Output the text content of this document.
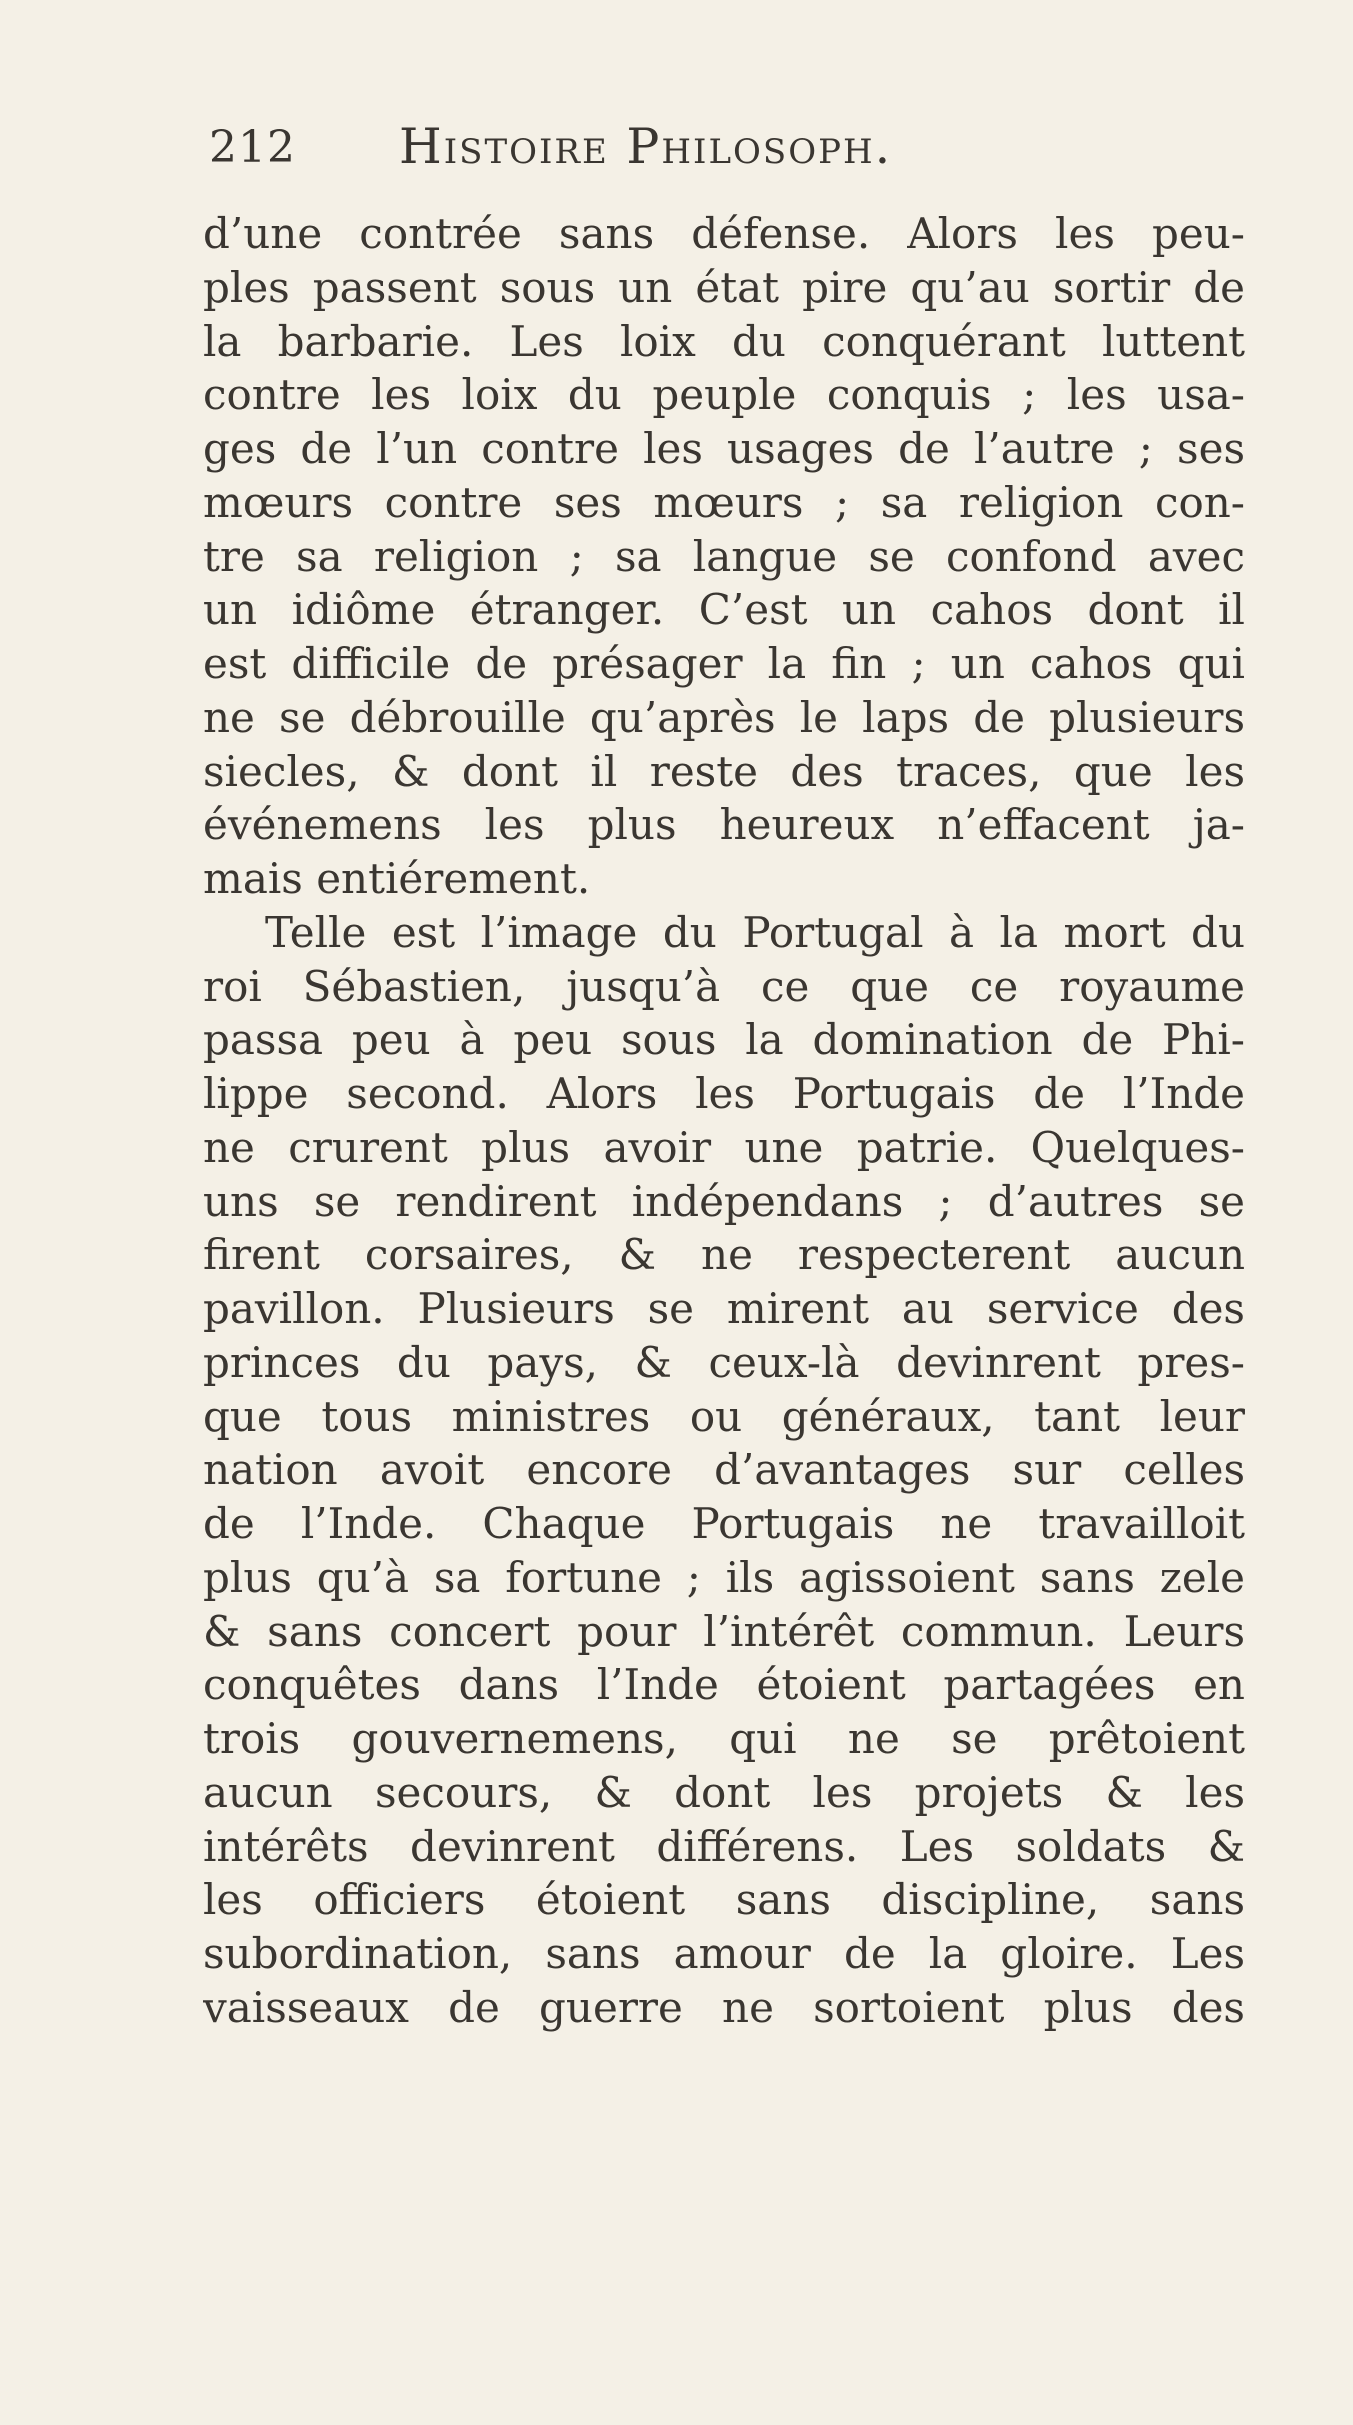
212 Histoire Philosoph.
d’une contrée sans défense. Alors les peu-
ples passent sous un état pire qu’au sortir de
la barbarie. Les loix du conquérant luttent
contre les loix du peuple conquis ; les usa-
ges de l’un contre les usages de l’autre ; ses
mœurs contre ses mœurs ; sa religion con-
tre sa religion ; sa langue se confond avec
un idiôme étranger. C’est un cahos dont il
est difficile de présager la fin ; un cahos qui
ne se débrouille qu’après le laps de plusieurs
siecles, & dont il reste des traces, que les
événemens les plus heureux n’effacent ja-
mais entiérement.
Telle est l’image du Portugal à la mort du
roi Sébastien, jusqu’à ce que ce royaume
passa peu à peu sous la domination de Phi-
lippe second. Alors les Portugais de l’Inde
ne crurent plus avoir une patrie. Quelques-
uns se rendirent indépendans ; d’autres se
firent corsaires, & ne respecterent aucun
pavillon. Plusieurs se mirent au service des
princes du pays, & ceux-là devinrent pres-
que tous ministres ou généraux, tant leur
nation avoit encore d’avantages sur celles
de l’Inde. Chaque Portugais ne travailloit
plus qu’à sa fortune ; ils agissoient sans zele
& sans concert pour l’intérêt commun. Leurs
conquêtes dans l’Inde étoient partagées en
trois gouvernemens, qui ne se prêtoient
aucun secours, & dont les projets & les
intérêts devinrent différens. Les soldats &
les officiers étoient sans discipline, sans
subordination, sans amour de la gloire. Les
vaisseaux de guerre ne sortoient plus des
